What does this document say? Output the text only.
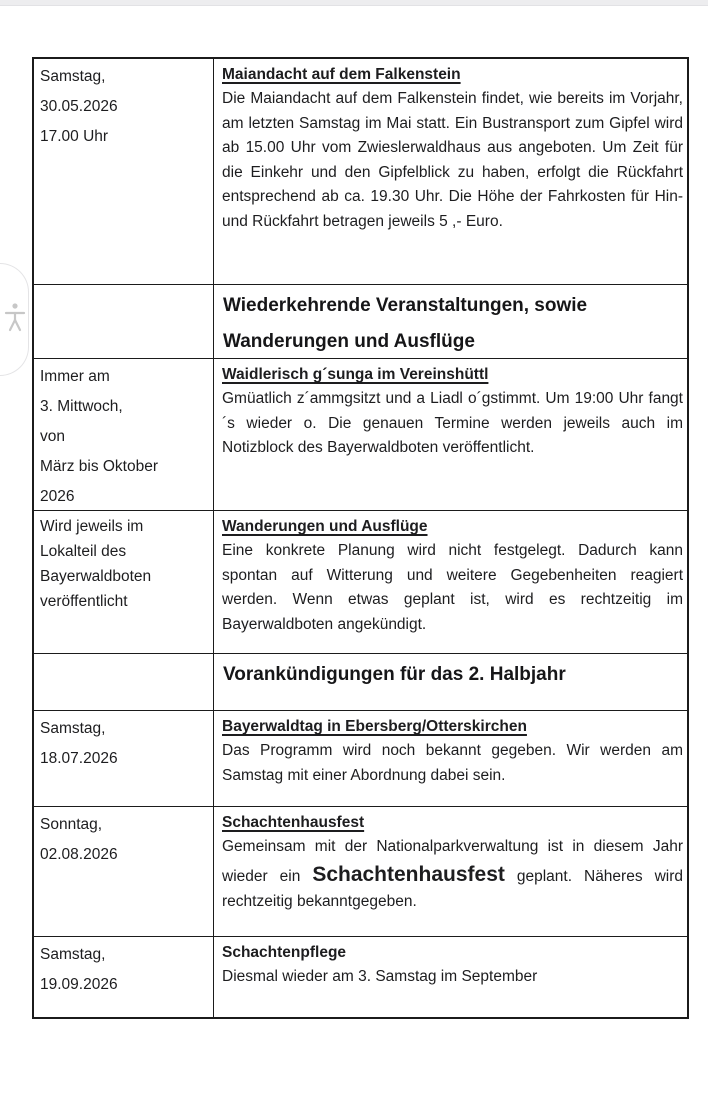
Samstag,
30.05.2026
17.00 Uhr
Maiandacht auf dem Falkenstein
Die Maiandacht auf dem Falkenstein findet, wie bereits im Vorjahr, am letzten Samstag im Mai statt. Ein Bustransport zum Gipfel wird ab 15.00 Uhr vom Zwieslerwaldhaus aus angeboten. Um Zeit für die Einkehr und den Gipfelblick zu haben, erfolgt die Rückfahrt entsprechend ab ca. 19.30 Uhr. Die Höhe der Fahrkosten für Hin- und Rückfahrt betragen jeweils 5 ,- Euro.
Wiederkehrende Veranstaltungen, sowie Wanderungen und Ausflüge
Immer am
3. Mittwoch,
von
März bis Oktober
2026
Waidlerisch g´sunga im Vereinshüttl
Gmüatlich z´ammgsitzt und a Liadl o´gstimmt. Um 19:00 Uhr fangt´s wieder o. Die genauen Termine werden jeweils auch im Notizblock des Bayerwaldboten veröffentlicht.
Wird jeweils im
Lokalteil des
Bayerwaldboten
veröffentlicht
Wanderungen und Ausflüge
Eine konkrete Planung wird nicht festgelegt. Dadurch kann spontan auf Witterung und weitere Gegebenheiten reagiert werden. Wenn etwas geplant ist, wird es rechtzeitig im Bayerwaldboten angekündigt.
Vorankündigungen für das 2. Halbjahr
Samstag,
18.07.2026
Bayerwaldtag in Ebersberg/Otterskirchen
Das Programm wird noch bekannt gegeben. Wir werden am Samstag mit einer Abordnung dabei sein.
Sonntag,
02.08.2026
Schachtenhausfest
Gemeinsam mit der Nationalparkverwaltung ist in diesem Jahr wieder ein Schachtenhausfest geplant. Näheres wird rechtzeitig bekanntgegeben.
Samstag,
19.09.2026
Schachtenpflege
Diesmal wieder am 3. Samstag im September
